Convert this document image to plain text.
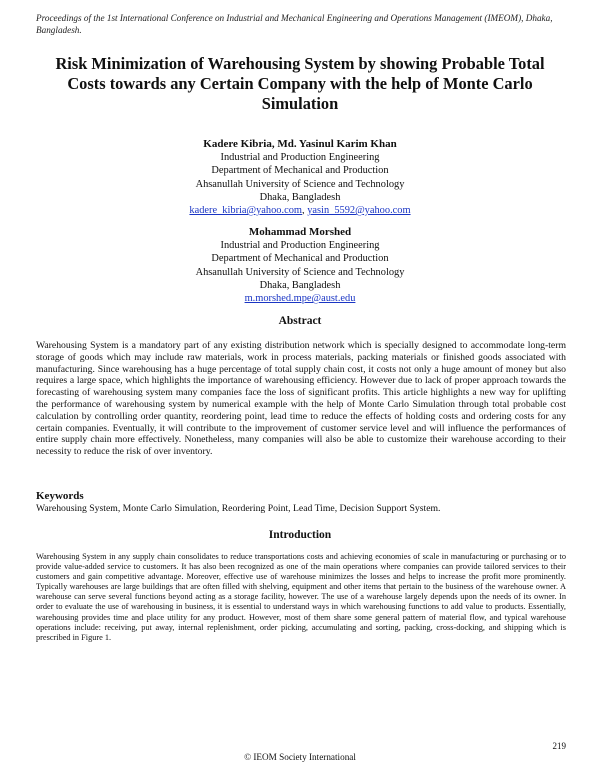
Proceedings of the 1st International Conference on Industrial and Mechanical Engineering and Operations Management (IMEOM), Dhaka, Bangladesh.
Risk Minimization of Warehousing System by showing Probable Total Costs towards any Certain Company with the help of Monte Carlo Simulation
Kadere Kibria, Md. Yasinul Karim Khan
Industrial and Production Engineering
Department of Mechanical and Production
Ahsanullah University of Science and Technology
Dhaka, Bangladesh
kadere_kibria@yahoo.com, yasin_5592@yahoo.com
Mohammad Morshed
Industrial and Production Engineering
Department of Mechanical and Production
Ahsanullah University of Science and Technology
Dhaka, Bangladesh
m.morshed.mpe@aust.edu
Abstract
Warehousing System is a mandatory part of any existing distribution network which is specially designed to accommodate long-term storage of goods which may include raw materials, work in process materials, packing materials or finished goods associated with manufacturing. Since warehousing has a huge percentage of total supply chain cost, it costs not only a huge amount of money but also requires a large space, which highlights the importance of warehousing efficiency. However due to lack of proper approach towards the forecasting of warehousing system many companies face the loss of significant profits. This article highlights a new way for uplifting the performance of warehousing system by numerical example with the help of Monte Carlo Simulation through total probable cost calculation by controlling order quantity, reordering point, lead time to reduce the effects of holding costs and ordering costs for any certain companies. Eventually, it will contribute to the improvement of customer service level and will influence the performances of entire supply chain more effectively. Nonetheless, many companies will also be able to customize their warehouse according to their necessity to reduce the risk of over inventory.
Keywords
Warehousing System, Monte Carlo Simulation, Reordering Point, Lead Time, Decision Support System.
Introduction
Warehousing System in any supply chain consolidates to reduce transportations costs and achieving economies of scale in manufacturing or purchasing or to provide value-added service to customers. It has also been recognized as one of the main operations where companies can provide tailored services to their customers and gain competitive advantage. Moreover, effective use of warehouse minimizes the losses and helps to increase the profit more prominently. Typically warehouses are large buildings that are often filled with shelving, equipment and other items that pertain to the business of the warehouse owner. A warehouse can serve several functions beyond acting as a storage facility, however. The use of a warehouse largely depends upon the needs of its owner. In order to evaluate the use of warehousing in business, it is essential to understand ways in which warehousing functions to add value to products. Essentially, warehousing provides time and place utility for any product. However, most of them share some general pattern of material flow, and typical warehouse operations include: receiving, put away, internal replenishment, order picking, accumulating and sorting, packing, cross-docking, and shipping which is prescribed in Figure 1.
219
© IEOM Society International
